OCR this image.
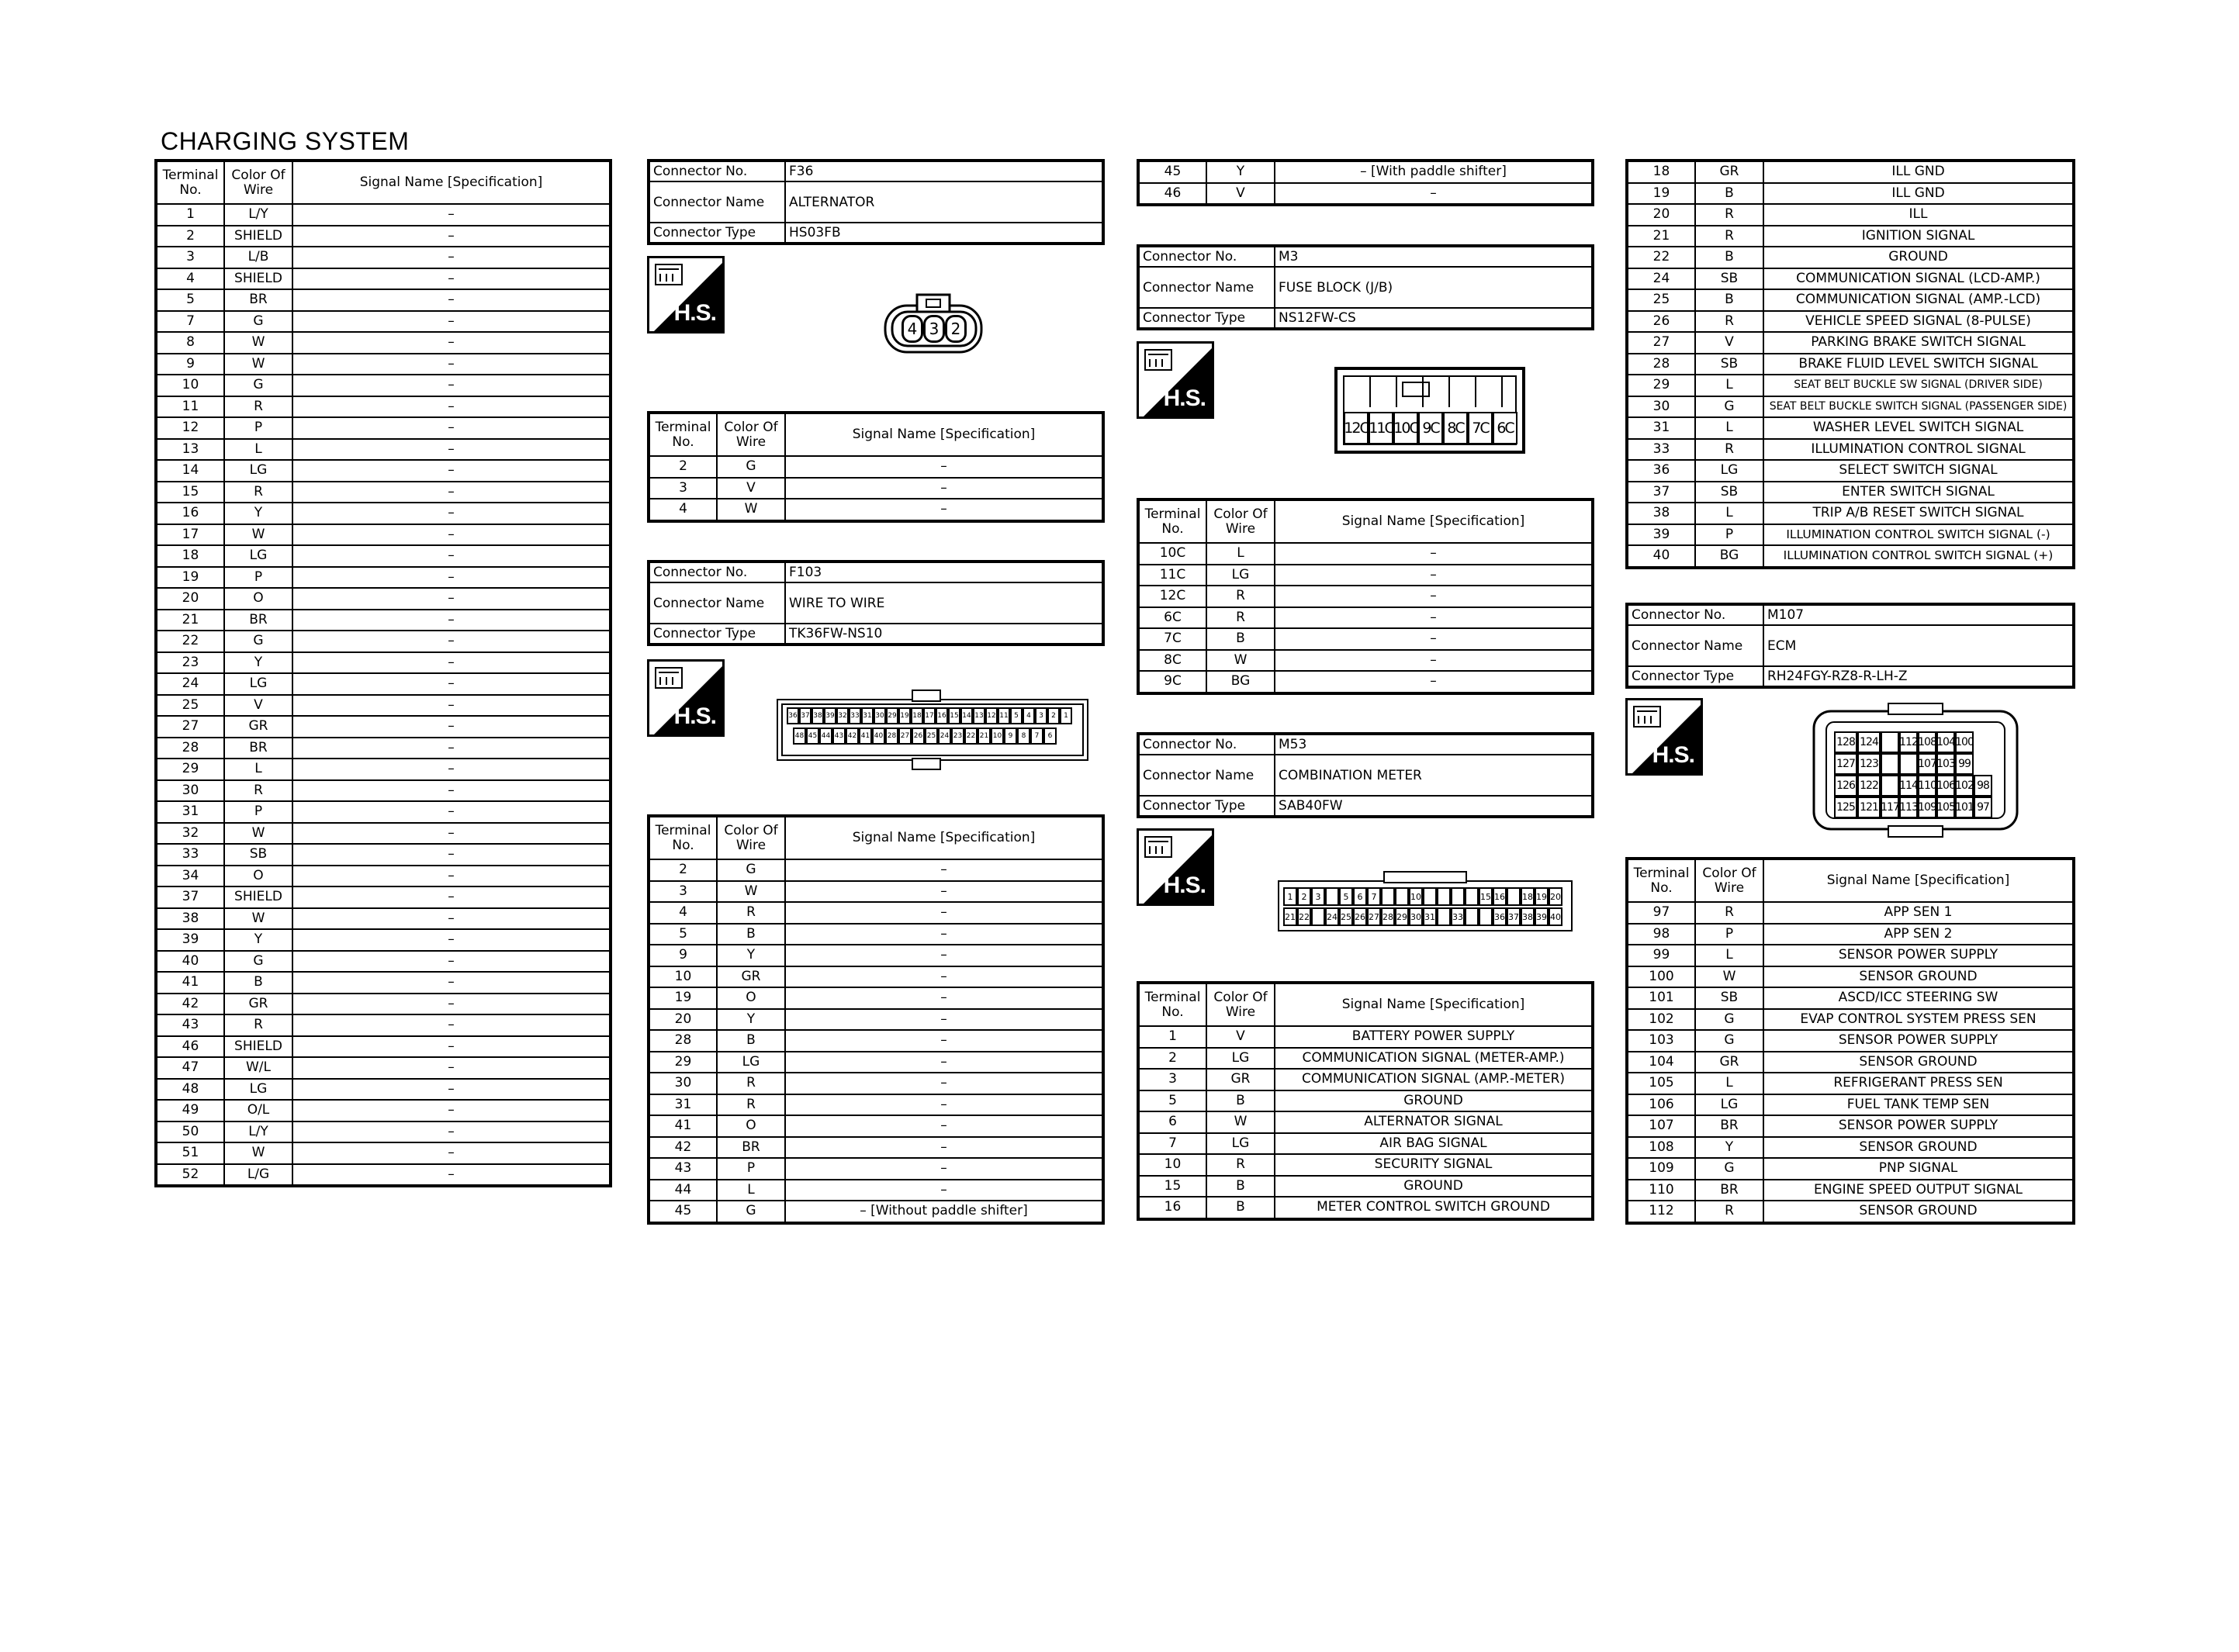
CHARGING SYSTEM
Terminal No.	Color Of Wire	Signal Name [Specification]
1	L/Y	–
2	SHIELD	–
3	L/B	–
4	SHIELD	–
5	BR	–
7	G	–
8	W	–
9	W	–
10	G	–
11	R	–
12	P	–
13	L	–
14	LG	–
15	R	–
16	Y	–
17	W	–
18	LG	–
19	P	–
20	O	–
21	BR	–
22	G	–
23	Y	–
24	LG	–
25	V	–
27	GR	–
28	BR	–
29	L	–
30	R	–
31	P	–
32	W	–
33	SB	–
34	O	–
37	SHIELD	–
38	W	–
39	Y	–
40	G	–
41	B	–
42	GR	–
43	R	–
46	SHIELD	–
47	W/L	–
48	LG	–
49	O/L	–
50	L/Y	–
51	W	–
52	L/G	–
Connector No.	F36
Connector Name	ALTERNATOR
Connector Type	HS03FB
H.S.
4 3 2
Terminal No.	Color Of Wire	Signal Name [Specification]
2	G	–
3	V	–
4	W	–
Connector No.	F103
Connector Name	WIRE TO WIRE
Connector Type	TK36FW-NS10
H.S.	36 37 38 39 32 33 31 30 29 19 18 17 16 15 14 13 12 11 5	4	3	2	1
48 45 44 43 42 41 40 28 27 26 25 24 23 22 21 10 9	8	7	6
Terminal No.	Color Of Wire	Signal Name [Specification]
2	G	–
3	W	–
4	R	–
5	B	–
9	Y	–
10	GR	–
19	O	–
20	Y	–
28	B	–
29	LG	–
30	R	–
31	R	–
41	O	–
42	BR	–
43	P	–
44	L	–
45	G	– [Without paddle shifter]
45	Y	– [With paddle shifter]
46	V	–
Connector No.	M3
Connector Name	FUSE BLOCK (J/B)
Connector Type	NS12FW-CS
H.S.
12C 11C 10C 9C 8C 7C 6C
Terminal No.	Color Of Wire	Signal Name [Specification]
10C	L	–
11C	LG	–
12C	R	–
6C	R	–
7C	B	–
8C	W	–
9C	BG	–
Connector No.	M53
Connector Name	COMBINATION METER
Connector Type	SAB40FW
H.S.	1	2	3	5	6	7	10	15 16 18 19 20
21 22 24 25 26 27 28 29 30 31 33	36 37 38 39 40
Terminal No.	Color Of Wire	Signal Name [Specification]
1	V	BATTERY POWER SUPPLY
2	LG	COMMUNICATION SIGNAL (METER-AMP.)
3	GR	COMMUNICATION SIGNAL (AMP.-METER)
5	B	GROUND
6	W	ALTERNATOR SIGNAL
7	LG	AIR BAG SIGNAL
10	R	SECURITY SIGNAL
15	B	GROUND
16	B	METER CONTROL SWITCH GROUND
18	GR	ILL GND
19	B	ILL GND
20	R	ILL
21	R	IGNITION SIGNAL
22	B	GROUND
24	SB	COMMUNICATION SIGNAL (LCD-AMP.)
25	B	COMMUNICATION SIGNAL (AMP.-LCD)
26	R	VEHICLE SPEED SIGNAL (8-PULSE)
27	V	PARKING BRAKE SWITCH SIGNAL
28	SB	BRAKE FLUID LEVEL SWITCH SIGNAL
29	L	SEAT BELT BUCKLE SW SIGNAL (DRIVER SIDE)
30	G	SEAT BELT BUCKLE SWITCH SIGNAL (PASSENGER SIDE)
31	L	WASHER LEVEL SWITCH SIGNAL
33	R	ILLUMINATION CONTROL SIGNAL
36	LG	SELECT SWITCH SIGNAL
37	SB	ENTER SWITCH SIGNAL
38	L	TRIP A/B RESET SWITCH SIGNAL
39	P	ILLUMINATION CONTROL SWITCH SIGNAL (-)
40	BG	ILLUMINATION CONTROL SWITCH SIGNAL (+)
Connector No.	M107
Connector Name	ECM
Connector Type	RH24FGY-RZ8-R-LH-Z
H.S.	128 124 112 108 104 100
127 123	107 103 99
126 122 114 110 106 102 98
125 121 117 113 109 105 101 97
Terminal No.	Color Of Wire	Signal Name [Specification]
97	R	APP SEN 1
98	P	APP SEN 2
99	L	SENSOR POWER SUPPLY
100	W	SENSOR GROUND
101	SB	ASCD/ICC STEERING SW
102	G	EVAP CONTROL SYSTEM PRESS SEN
103	G	SENSOR POWER SUPPLY
104	GR	SENSOR GROUND
105	L	REFRIGERANT PRESS SEN
106	LG	FUEL TANK TEMP SEN
107	BR	SENSOR POWER SUPPLY
108	Y	SENSOR GROUND
109	G	PNP SIGNAL
110	BR	ENGINE SPEED OUTPUT SIGNAL
112	R	SENSOR GROUND
